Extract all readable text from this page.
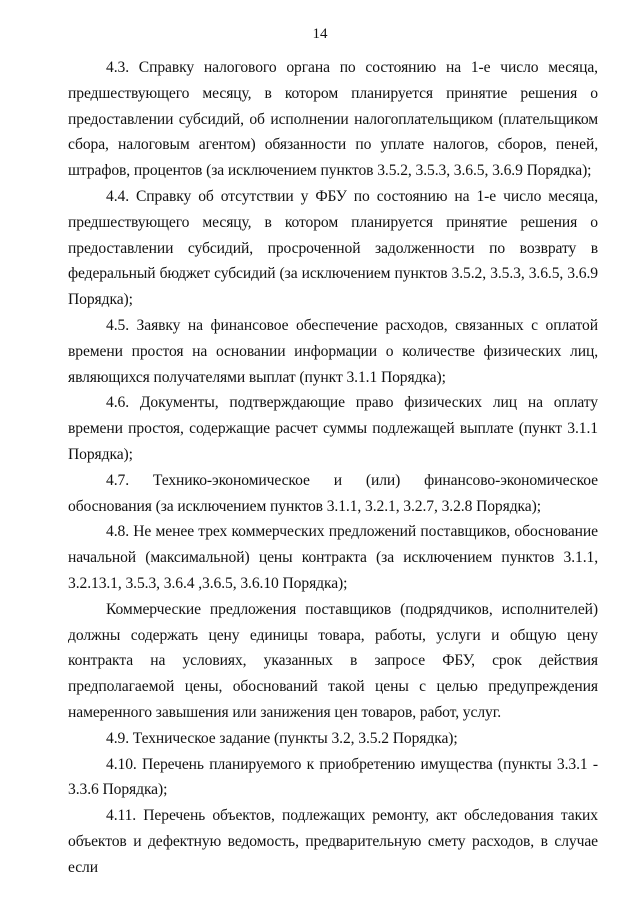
14

4.3. Справку налогового органа по состоянию на 1-е число месяца, предшествующего месяцу, в котором планируется принятие решения о предоставлении субсидий, об исполнении налогоплательщиком (плательщиком сбора, налоговым агентом) обязанности по уплате налогов, сборов, пеней, штрафов, процентов (за исключением пунктов 3.5.2, 3.5.3, 3.6.5, 3.6.9 Порядка);

4.4. Справку об отсутствии у ФБУ по состоянию на 1-е число месяца, предшествующего месяцу, в котором планируется принятие решения о предоставлении субсидий, просроченной задолженности по возврату в федеральный бюджет субсидий (за исключением пунктов 3.5.2, 3.5.3, 3.6.5, 3.6.9 Порядка);

4.5. Заявку на финансовое обеспечение расходов, связанных с оплатой времени простоя на основании информации о количестве физических лиц, являющихся получателями выплат (пункт 3.1.1 Порядка);

4.6. Документы, подтверждающие право физических лиц на оплату времени простоя, содержащие расчет суммы подлежащей выплате (пункт 3.1.1 Порядка);

4.7. Технико-экономическое и (или) финансово-экономическое обоснования (за исключением пунктов 3.1.1, 3.2.1, 3.2.7, 3.2.8 Порядка);

4.8. Не менее трех коммерческих предложений поставщиков, обоснование начальной (максимальной) цены контракта (за исключением пунктов 3.1.1, 3.2.13.1, 3.5.3, 3.6.4 ,3.6.5, 3.6.10 Порядка);

Коммерческие предложения поставщиков (подрядчиков, исполнителей) должны содержать цену единицы товара, работы, услуги и общую цену контракта на условиях, указанных в запросе ФБУ, срок действия предполагаемой цены, обоснований такой цены с целью предупреждения намеренного завышения или занижения цен товаров, работ, услуг.

4.9. Техническое задание (пункты 3.2, 3.5.2 Порядка);

4.10. Перечень планируемого к приобретению имущества (пункты 3.3.1 - 3.3.6 Порядка);

4.11. Перечень объектов, подлежащих ремонту, акт обследования таких объектов и дефектную ведомость, предварительную смету расходов, в случае если
